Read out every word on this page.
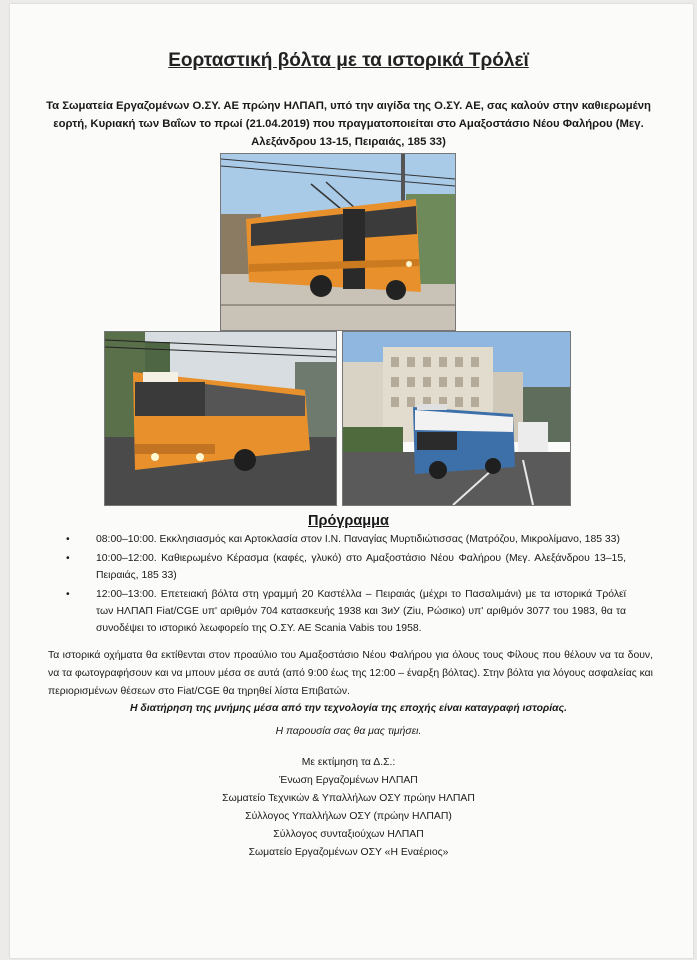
Εορταστική βόλτα με τα ιστορικά Τρόλεϊ
Τα Σωματεία Εργαζομένων Ο.ΣΥ. ΑΕ πρώην ΗΛΠΑΠ, υπό την αιγίδα της Ο.ΣΥ. ΑΕ, σας καλούν στην καθιερωμένη εορτή, Κυριακή των Βαΐων το πρωί (21.04.2019) που πραγματοποιείται στο Αμαξοστάσιο Νέου Φαλήρου (Μεγ. Αλεξάνδρου 13-15, Πειραιάς, 185 33)
Πρόγραμμα
•	08:00–10:00. Εκκλησιασμός και Αρτοκλασία στον Ι.Ν. Παναγίας Μυρτιδιώτισσας (Ματρόζου, Μικρολίμανο, 185 33)
•	10:00–12:00. Καθιερωμένο Κέρασμα (καφές, γλυκό) στο Αμαξοστάσιο Νέου Φαλήρου (Μεγ. Αλεξάνδρου 13–15, Πειραιάς, 185 33)
•	12:00–13:00. Επετειακή βόλτα στη γραμμή 20 Καστέλλα – Πειραιάς (μέχρι το Πασαλιμάνι) με τα ιστορικά Τρόλεϊ των ΗΛΠΑΠ Fiat/CGE υπ' αριθμόν 704 κατασκευής 1938 και ЗиУ (Ziu, Ρώσικο) υπ' αριθμόν 3077 του 1983, θα τα συνοδέψει το ιστορικό λεωφορείο της Ο.ΣΥ. ΑΕ Scania Vabis του 1958.
Τα ιστορικά οχήματα θα εκτίθενται στον προαύλιο του Αμαξοστάσιο Νέου Φαλήρου για όλους τους Φίλους που θέλουν να τα δουν, να τα φωτογραφήσουν και να μπουν μέσα σε αυτά (από 9:00 έως της 12:00 – έναρξη βόλτας). Στην βόλτα για λόγους ασφαλείας και περιορισμένων θέσεων στο Fiat/CGE θα τηρηθεί λίστα Επιβατών.
Η διατήρηση της μνήμης μέσα από την τεχνολογία της εποχής είναι καταγραφή ιστορίας.
Η παρουσία σας θα μας τιμήσει.
Με εκτίμηση τα Δ.Σ.:
Ένωση Εργαζομένων ΗΛΠΑΠ
Σωματείο Τεχνικών & Υπαλλήλων ΟΣΥ πρώην ΗΛΠΑΠ
Σύλλογος Υπαλλήλων ΟΣΥ (πρώην ΗΛΠΑΠ)
Σύλλογος συνταξιούχων ΗΛΠΑΠ
Σωματείο Εργαζομένων ΟΣΥ «Η Εναέριος»
